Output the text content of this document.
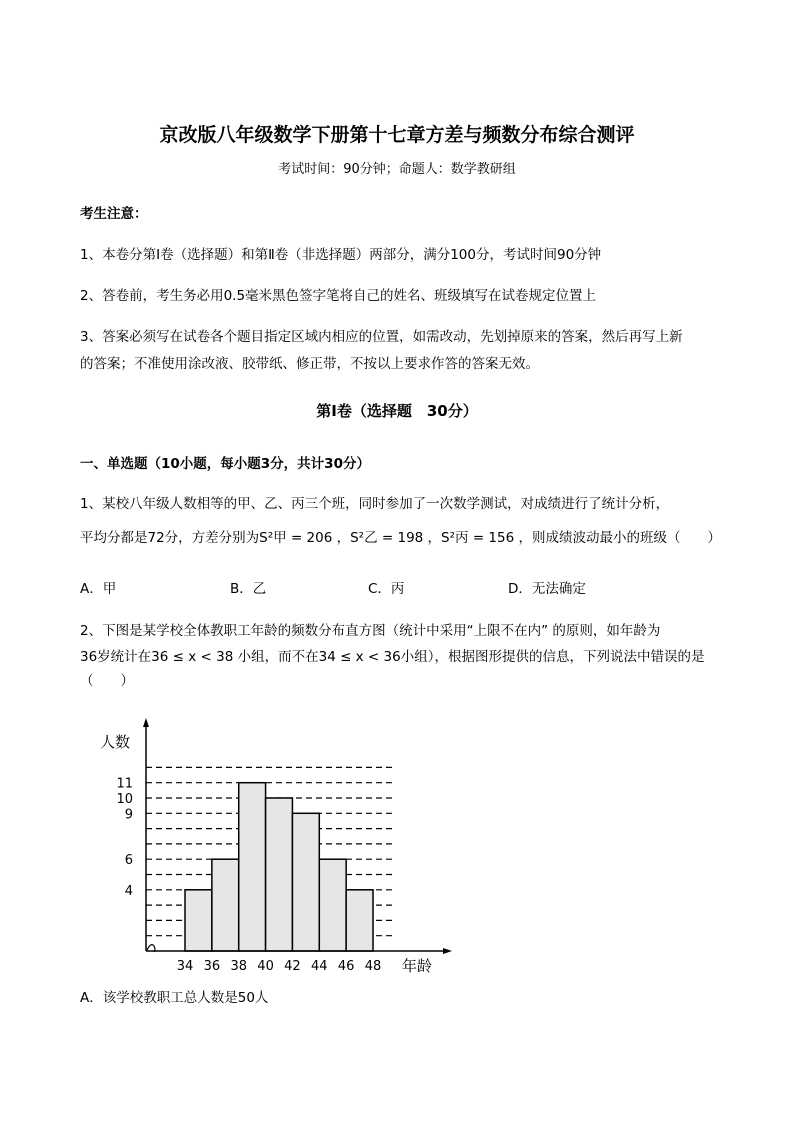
京改版八年级数学下册第十七章方差与频数分布综合测评
考试时间：90分钟；命题人：数学教研组
考生注意：
1、本卷分第Ⅰ卷（选择题）和第Ⅱ卷（非选择题）两部分，满分100分，考试时间90分钟
2、答卷前，考生务必用0.5毫米黑色签字笔将自己的姓名、班级填写在试卷规定位置上
3、答案必须写在试卷各个题目指定区域内相应的位置，如需改动，先划掉原来的答案，然后再写上新
的答案；不准使用涂改液、胶带纸、修正带，不按以上要求作答的答案无效。
第Ⅰ卷（选择题　30分）
一、单选题（10小题，每小题3分，共计30分）
1、某校八年级人数相等的甲、乙、丙三个班，同时参加了一次数学测试，对成绩进行了统计分析，
平均分都是72分，方差分别为S²甲 = 206 ，S²乙 = 198 ，S²丙 = 156 ，则成绩波动最小的班级（　　）
A．甲	B．乙	C．丙	D．无法确定
2、下图是某学校全体教职工年龄的频数分布直方图（统计中采用“上限不在内” 的原则，如年龄为
36岁统计在36 ≤ x < 38 小组，而不在34 ≤ x < 36小组），根据图形提供的信息，下列说法中错误的是
（　　）
人数
年龄
34 36 38 40 42 44 46 48
4
6
9
10
11
A．该学校教职工总人数是50人
